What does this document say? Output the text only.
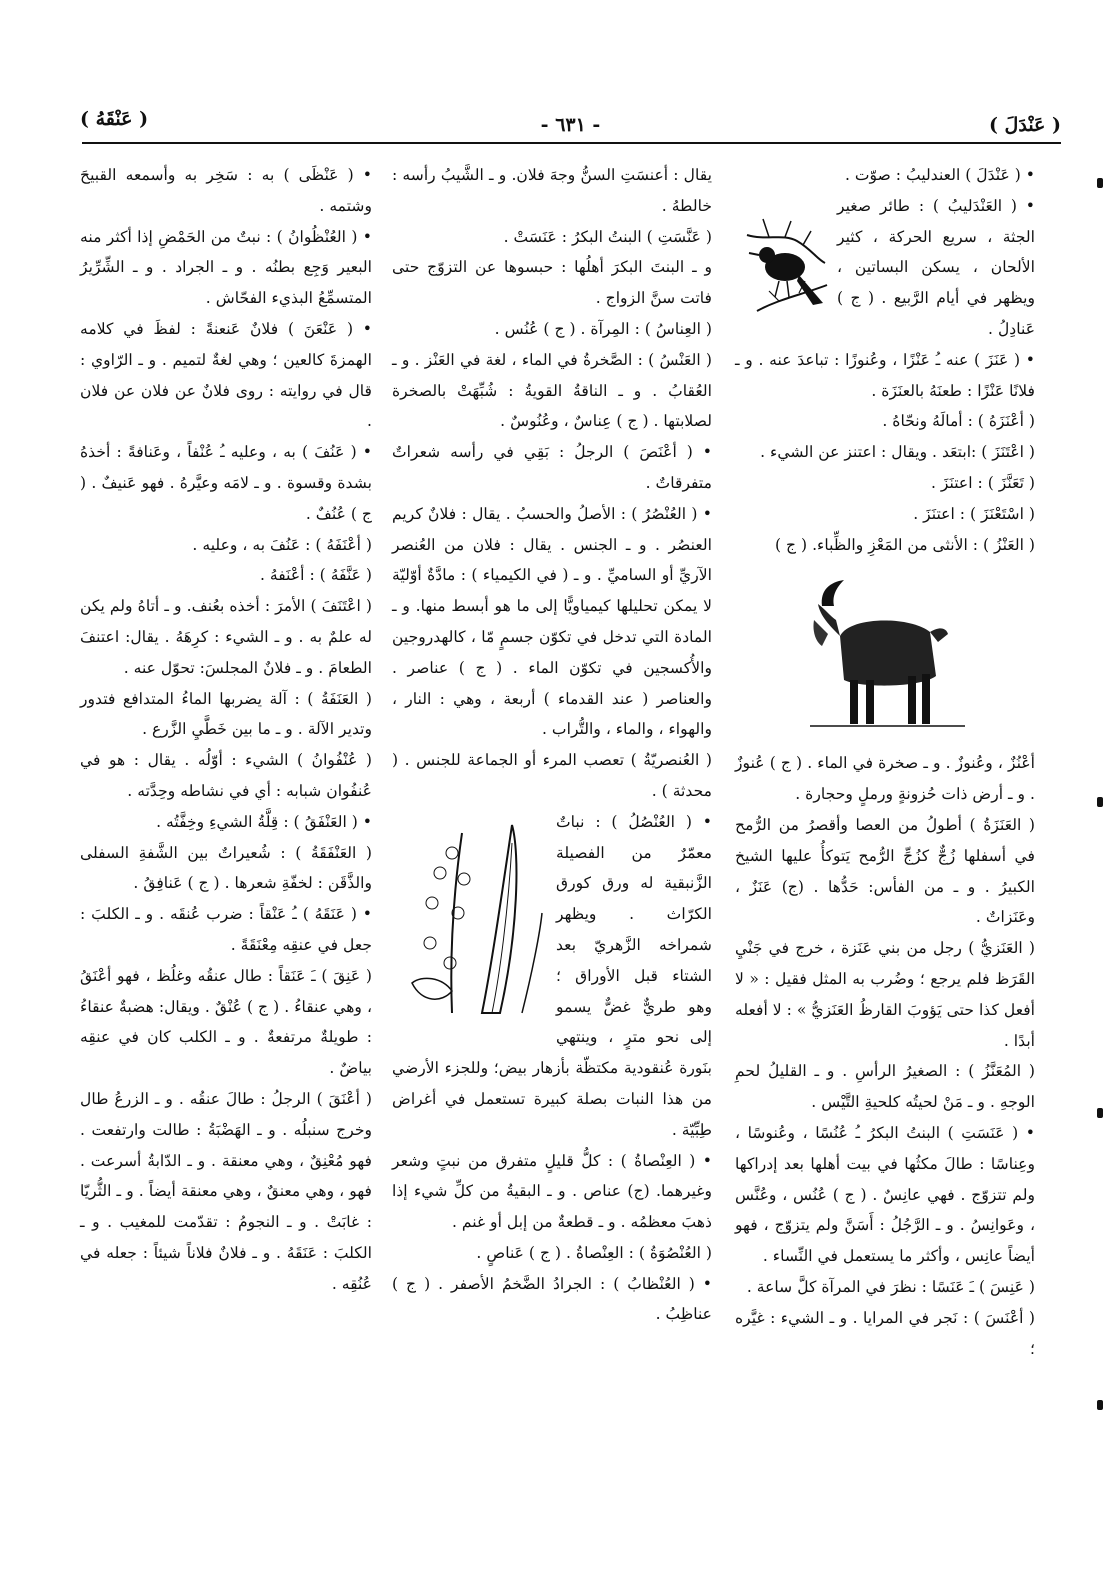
( عَنْدَلَ )
- ٦٣١ -
( عَنْقَهُ )

• ( عَنْدَلَ ) العندليبُ : صوّت .

• ( العَنْدَليبُ ) : طائر صغير الجثة ، سريع الحركة ، كثير الألحان ، يسكن البساتين ، ويظهر في أيام الرَّبيع . ( ج ) عَنادِلُ .

• ( عَنَزَ ) عنه ـُ عَنْزًا ، وعُنوزًا : تباعدَ عنه . و ـ فلانًا عَنْزًا : طعنَهُ بالعنَزَة .

( أعْنَزَهُ ) : أمالَهُ ونحّاهُ .

( اعْتَنَزَ ) :ابتعَد . ويقال : اعتنز عن الشيء .

( تَعَنَّزَ ) : اعتنَزَ .

( اسْتَعْنَزَ ) : اعتنَزَ .

( العَنْزُ ) : الأنثى من المَعْزِ والظِّباء. ( ج )

أعْنُزٌ ، وعُنوزٌ . و ـ صخرة في الماء . ( ج ) عُنوزٌ . و ـ أرض ذات حُزونةٍ ورملٍ وحجارة .

( العَنَزَةُ ) أطولُ من العصا وأقصرُ من الرُّمح في أسفلها زُجٌّ كزُجِّ الرُّمح يَتوكأُ عليها الشيخ الكبيرُ . و ـ من الفأس: حَدُّها . (ج) عَنَزٌ ، وعَنَزاتٌ .

( العَنَزيُّ ) رجل من بني عَنَزة ، خرج في جَنْيِ القَرَظ فلم يرجع ؛ وضُرب به المثل فقيل : « لا أفعل كذا حتى يَؤوبَ القارظُ العَنَزيُّ » : لا أفعله أبدًا .

( المُعَنَّزُ ) : الصغيرُ الرأسِ . و ـ القليلُ لحمِ الوجهِ . و ـ مَنْ لحيتُه كلحيةِ التَّيْس .

• ( عَنَسَتِ ) البنتُ البكرُ ـُ عُنُسًا ، وعُنوسًا ، وعِناسًا : طالَ مكثُها في بيت أهلها بعد إدراكها ولم تتزوّج . فهي عانِسٌ . ( ج ) عُنُس ، وعُنَّس ، وعَوانِسُ . و ـ الرَّجُلُ : أَسَنَّ ولم يتزوّج ، فهو أيضاً عانِس ، وأكثر ما يستعمل في النِّساء .

( عَنِسَ ) ـَ عَنَسًا : نظرَ في المرآة كلَّ ساعة .

( أعْنَسَ ) : نَجر في المرايا . و ـ الشيء : غيَّره ؛

يقال : أعنسَتِ السنُّ وجهَ فلان. و ـ الشَّيبُ رأسه : خالطهُ .

( عَنَّسَتِ ) البنتُ البكرُ : عَنَسَتْ .

و ـ البنتَ البكرَ أهلُها : حبسوها عن التزوّج حتى فاتت سنَّ الزواج .

( العِناسُ ) : المِرآة . ( ج ) عُنُس .

( العَنْسُ ) : الصَّخرةُ في الماء ، لغة في العَنْز . و ـ العُقابُ . و ـ الناقةُ القويةُ : شُبِّهَتْ بالصخرة لصلابتها . ( ج ) عِناسٌ ، وعُنُوسٌ .

• ( أعْنَصَ ) الرجلُ : بَقِي في رأسه شعراتٌ متفرقاتٌ .

• ( العُنْصُرُ ) : الأصلُ والحسبُ . يقال : فلانٌ كريم العنصُر . و ـ الجنس . يقال : فلان من العُنصر الآريِّ أو الساميِّ . و ـ ( في الكيمياء ) : مادَّةٌ أوّليّة لا يمكن تحليلها كيمياويًّا إلى ما هو أبسط منها. و ـ المادة التي تدخل في تكوّن جسمٍ مّا ، كالهدروجين والأُكسجين في تكوّن الماء . ( ج ) عناصر . والعناصر ( عند القدماء ) أربعة ، وهي : النار ، والهواء ، والماء ، والتُّراب .

( العُنصريّةُ ) تعصب المرء أو الجماعة للجنس . ( محدثة ) .

• ( العُنْصُلُ ) : نباتٌ معمّرٌ من الفصيلة الزَّنبقية له ورق كورق الكرّاث . ويظهر شمراخه الزَّهريّ بعد الشتاء قبل الأوراق ؛ وهو طريٌّ غضٌّ يسمو إلى نحو مترٍ ، وينتهي بنَورة عُنقودية مكتظّة بأزهار بيض؛ وللجزء الأرضي من هذا النبات بصلة كبيرة تستعمل في أغراض طِبِّيّة .

• ( العِنْصاةُ ) : كلُّ قليلٍ متفرق من نبتٍ وشعر وغيرهما. (ج) عناص . و ـ البقيةُ من كلِّ شيء إذا ذهبَ معظمُه . و ـ قطعةٌ من إبل أو غنم .

( العُنْصُوَةُ ) : العِنْصاةُ . ( ج ) عَناصٍ .

• ( العُنْظابُ ) : الجرادُ الضَّخمُ الأصفر . ( ج ) عناظِبُ .

• ( عَنْظَى ) به : سَخِر به وأسمعه القبيحَ وشتمه .

• ( العُنْظُوانُ ) : نبتٌ من الحَمْضِ إذا أكثر منه البعير وَجِع بطنُه . و ـ الجراد . و ـ الشِّرِّيرُ المتسمِّعُ البذيء الفحّاش .

• ( عَنْعَنَ ) فلانٌ عَنعنةً : لفظَ في كلامه الهمزةَ كالعين ؛ وهي لغةٌ لتميم . و ـ الرّاوي : قال في روايته : روى فلانٌ عن فلان عن فلان .

• ( عَنُفَ ) به ، وعليه ـُ عُنْفاً ، وعَنافةً : أخذهُ بشدة وقسوة . و ـ لامَه وعيَّرهُ . فهو عَنيفٌ . ( ج ) عُنُفٌ .

( أعْنَفَهُ ) : عَنُفَ به ، وعليه .

( عَنَّفَهُ ) : أعْنَفهُ .

( اعْتَنَفَ ) الأمرَ : أخذه بعُنف. و ـ أتاهُ ولم يكن له علمٌ به . و ـ الشيء : كرِهَهُ . يقال: اعتنفَ الطعامَ . و ـ فلانٌ المجلسَ: تحوّل عنه .

( العَنَفَةُ ) : آلة يضربها الماءُ المتدافع فتدور وتدير الآلة . و ـ ما بين خَطَّيِ الزَّرع .

( عُنْفُوانُ ) الشيء : أوّلُه . يقال : هو في عُنفُوان شبابه : أي في نشاطه وحِدَّته .

• ( العَنْفَقُ ) : قِلَّةُ الشيءِ وخِفَّتُه .

( العَنْفَقَةُ ) : شُعيراتٌ بين الشَّفةِ السفلى والذَّقَن : لخفّةِ شعرها . ( ج ) عَنافِقُ .

• ( عَنَقَهُ ) ـُ عَنْقاً : ضرب عُنقَه . و ـ الكلبَ : جعل في عنقِه مِعْنَقَةً .

( عَنِقَ ) ـَ عَنَقاً : طال عنقُه وغلُظ ، فهو أعْنَقُ ، وهي عنقاءُ . ( ج ) عُنْقٌ . ويقال: هضبةٌ عنقاءُ : طويلةٌ مرتفعةٌ . و ـ الكلب كان في عنقِه بياضٌ .

( أعْنَقَ ) الرجلُ : طالَ عنقُه . و ـ الزرعُ طال وخرج سنبلُه . و ـ الهَضْبَةُ : طالت وارتفعت . فهو مُعْنِقٌ ، وهي معنقة . و ـ الدّابةُ أسرعت . فهو ، وهي معنقٌ ، وهي معنقة أيضاً . و ـ الثُّريّا : غابَتْ . و ـ النجومُ : تقدّمت للمغيب . و ـ الكلبَ : عَنَقَهُ . و ـ فلانٌ فلاناً شيئاً : جعله في عُنُقِه .
